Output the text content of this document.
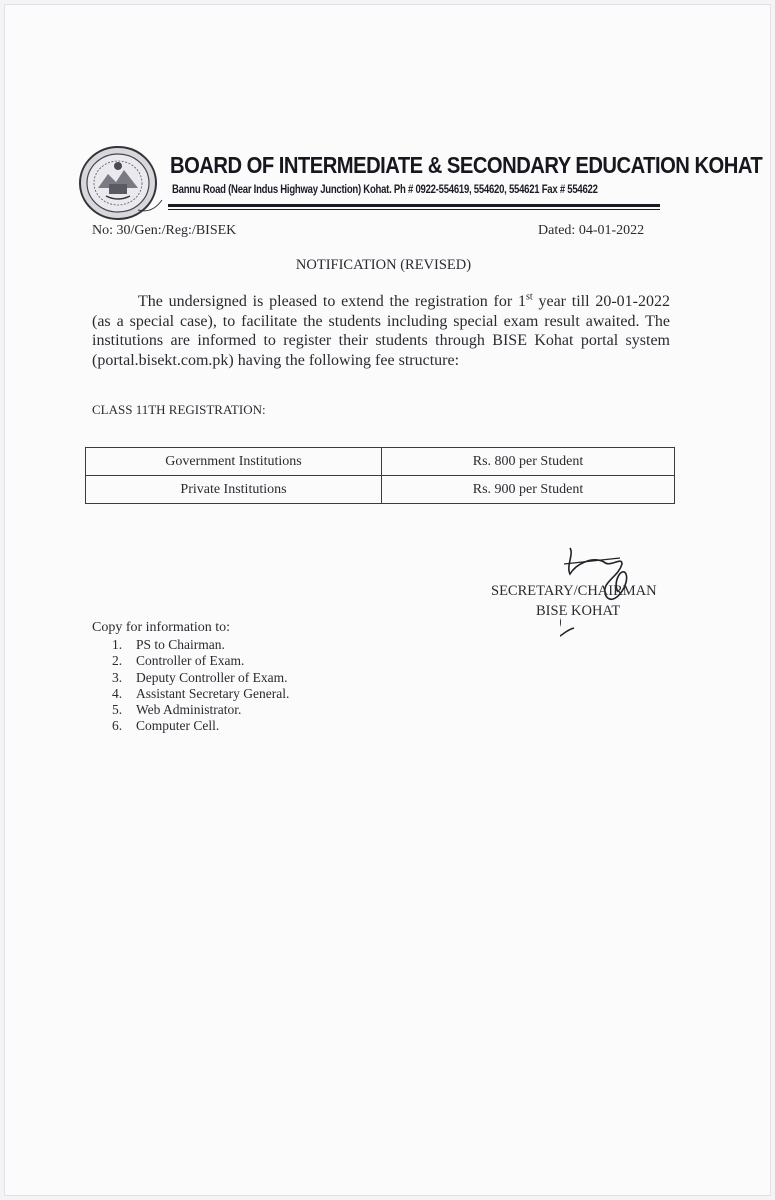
BOARD OF INTERMEDIATE & SECONDARY EDUCATION KOHAT
Bannu Road (Near Indus Highway Junction) Kohat. Ph # 0922-554619, 554620, 554621 Fax # 554622
No: 30/Gen:/Reg:/BISEK	Dated: 04-01-2022
NOTIFICATION (REVISED)

The undersigned is pleased to extend the registration for 1st year till 20-01-2022 (as a special case), to facilitate the students including special exam result awaited. The institutions are informed to register their students through BISE Kohat portal system (portal.bisekt.com.pk) having the following fee structure:

CLASS 11TH REGISTRATION:
Government Institutions	Rs. 800 per Student
Private Institutions	Rs. 900 per Student
SECRETARY/CHAIRMAN
BISE KOHAT
Copy for information to:
1. PS to Chairman.
2. Controller of Exam.
3. Deputy Controller of Exam.
4. Assistant Secretary General.
5. Web Administrator.
6. Computer Cell.
